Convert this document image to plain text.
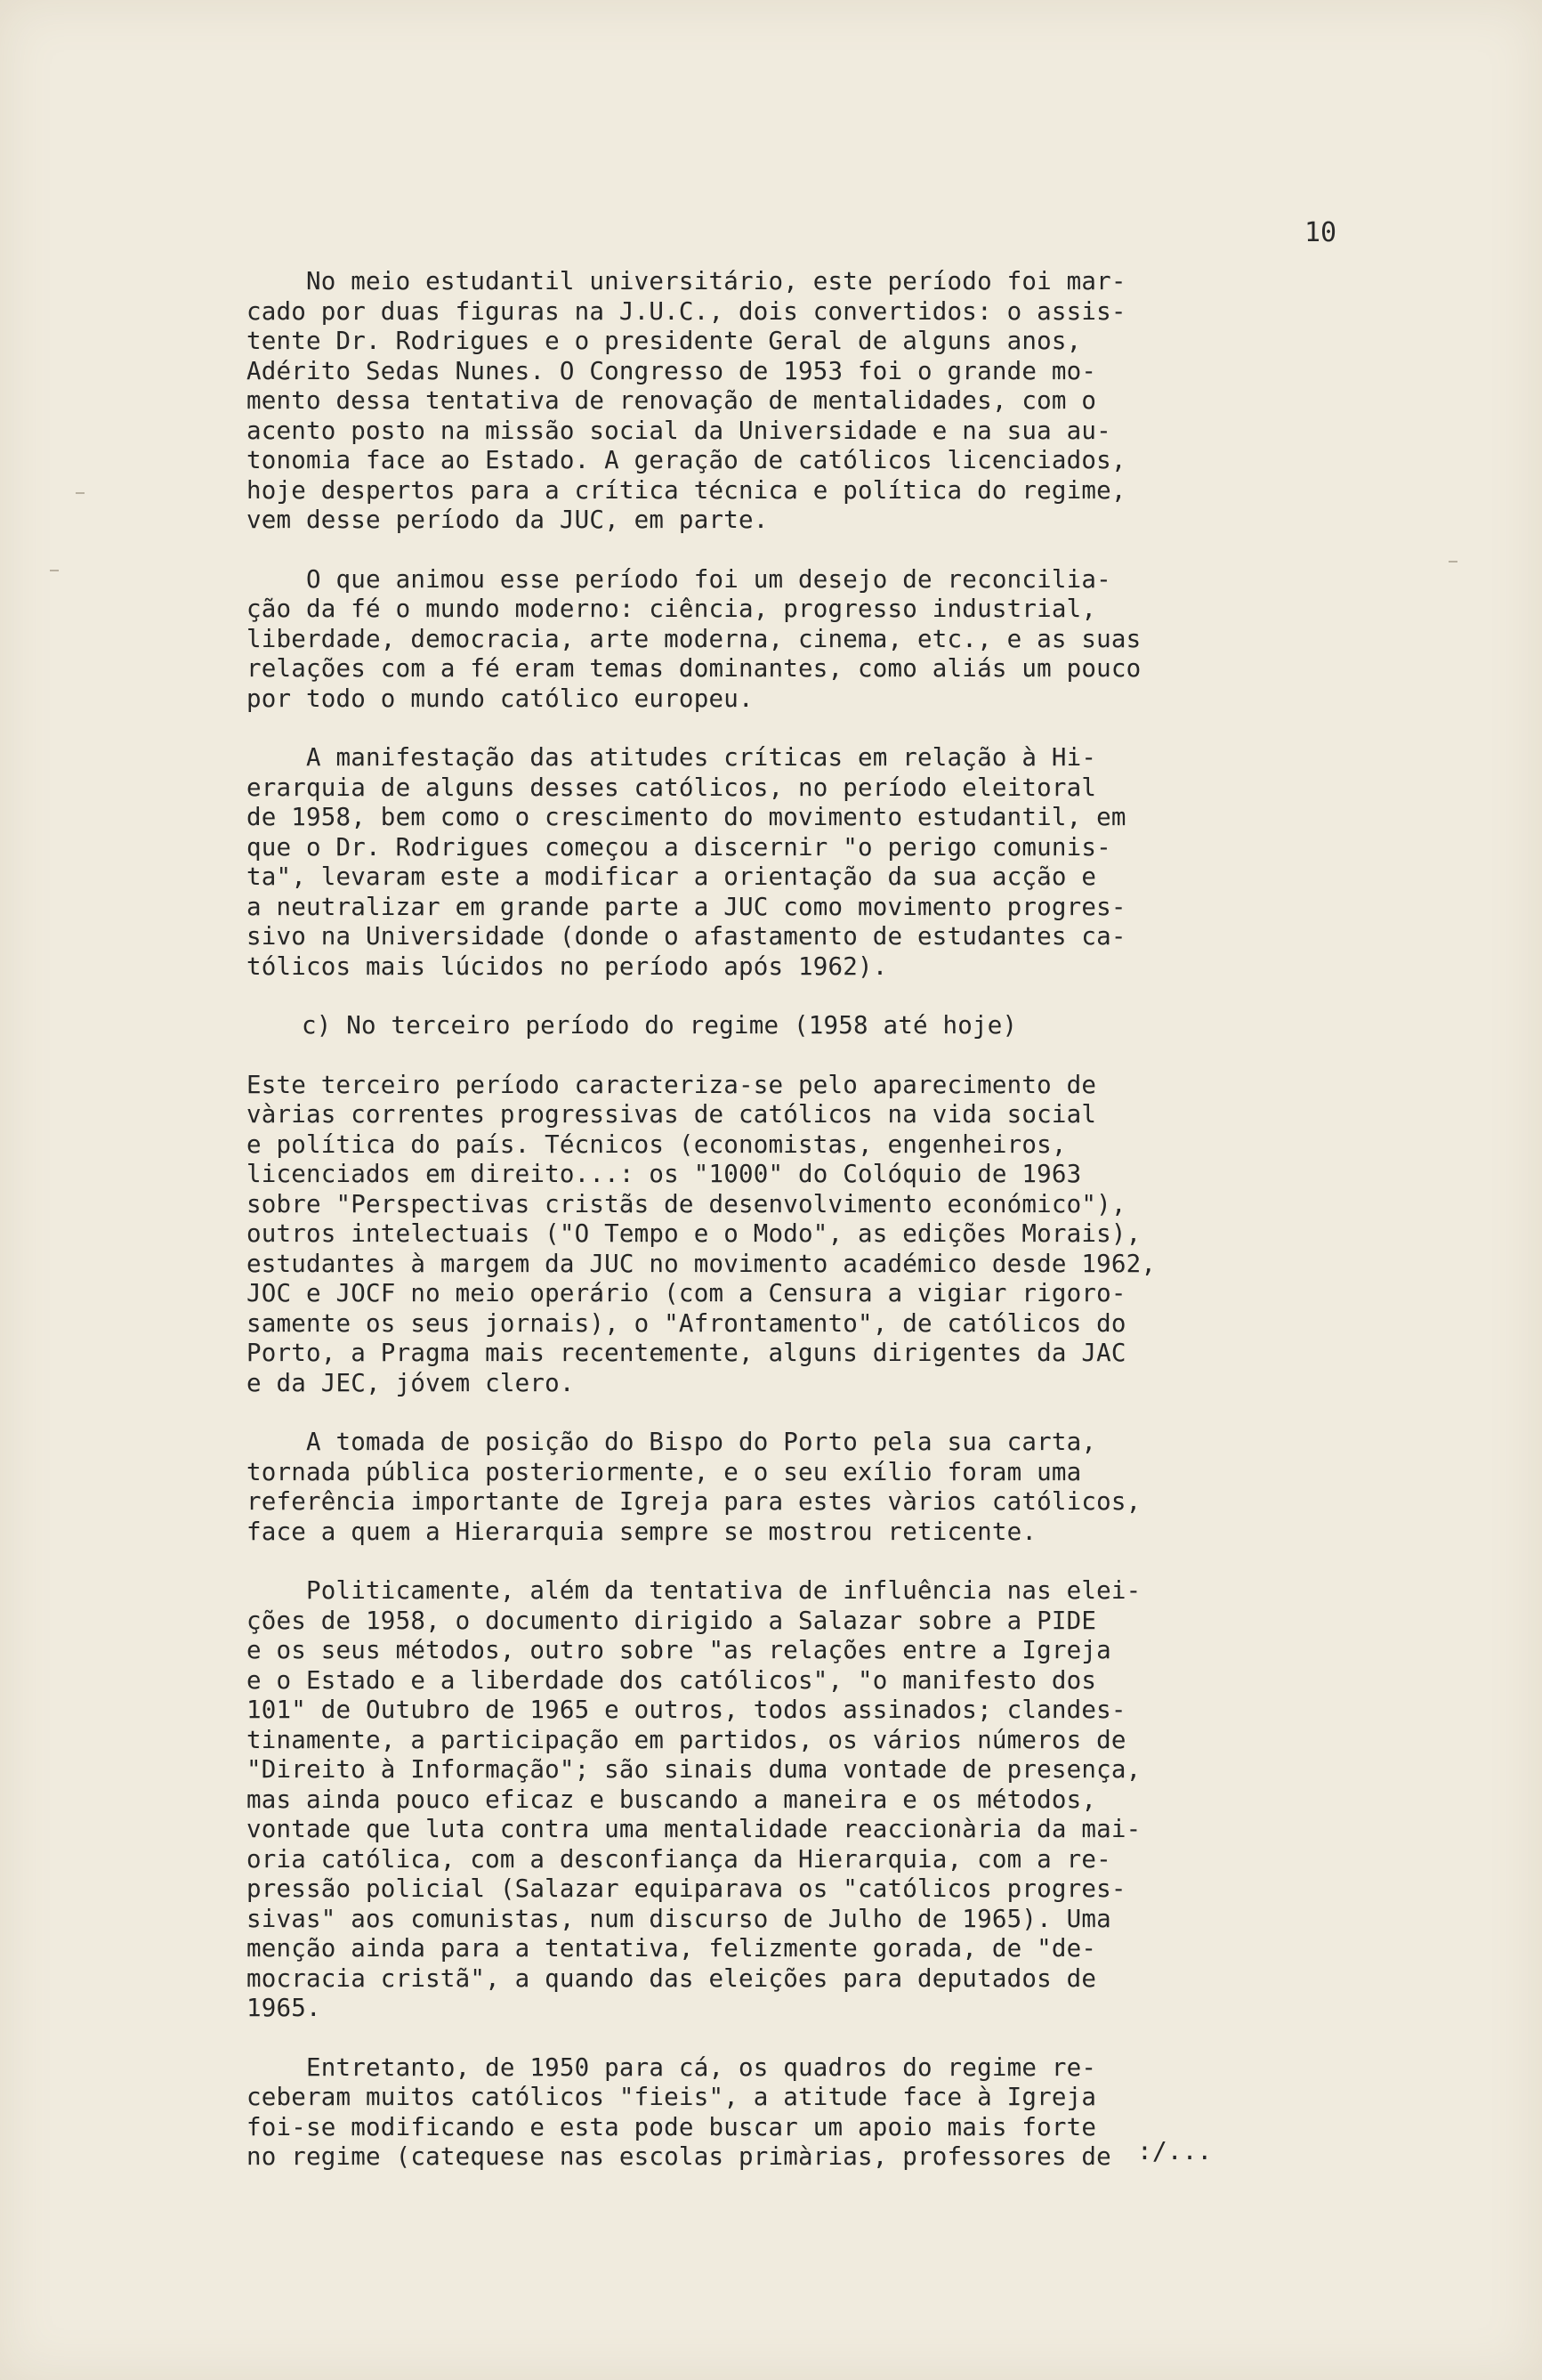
10
No meio estudantil universitário, este período foi mar-
cado por duas figuras na J.U.C., dois convertidos: o assis-
tente Dr. Rodrigues e o presidente Geral de alguns anos,
Adérito Sedas Nunes. O Congresso de 1953 foi o grande mo-
mento dessa tentativa de renovação de mentalidades, com o
acento posto na missão social da Universidade e na sua au-
tonomia face ao Estado. A geração de católicos licenciados,
hoje despertos para a crítica técnica e política do regime,
vem desse período da JUC, em parte.
O que animou esse período foi um desejo de reconcilia-
ção da fé o mundo moderno: ciência, progresso industrial,
liberdade, democracia, arte moderna, cinema, etc., e as suas
relações com a fé eram temas dominantes, como aliás um pouco
por todo o mundo católico europeu.
A manifestação das atitudes críticas em relação à Hi-
erarquia de alguns desses católicos, no período eleitoral
de 1958, bem como o crescimento do movimento estudantil, em
que o Dr. Rodrigues começou a discernir "o perigo comunis-
ta", levaram este a modificar a orientação da sua acção e
a neutralizar em grande parte a JUC como movimento progres-
sivo na Universidade (donde o afastamento de estudantes ca-
tólicos mais lúcidos no período após 1962).
c) No terceiro período do regime (1958 até hoje)
Este terceiro período caracteriza-se pelo aparecimento de
vàrias correntes progressivas de católicos na vida social
e política do país. Técnicos (economistas, engenheiros,
licenciados em direito...: os "1000" do Colóquio de 1963
sobre "Perspectivas cristãs de desenvolvimento económico"),
outros intelectuais ("O Tempo e o Modo", as edições Morais),
estudantes à margem da JUC no movimento académico desde 1962,
JOC e JOCF no meio operário (com a Censura a vigiar rigoro-
samente os seus jornais), o "Afrontamento", de católicos do
Porto, a Pragma mais recentemente, alguns dirigentes da JAC
e da JEC, jóvem clero.
A tomada de posição do Bispo do Porto pela sua carta,
tornada pública posteriormente, e o seu exílio foram uma
referência importante de Igreja para estes vàrios católicos,
face a quem a Hierarquia sempre se mostrou reticente.
Politicamente, além da tentativa de influência nas elei-
ções de 1958, o documento dirigido a Salazar sobre a PIDE
e os seus métodos, outro sobre "as relações entre a Igreja
e o Estado e a liberdade dos católicos", "o manifesto dos
101" de Outubro de 1965 e outros, todos assinados; clandes-
tinamente, a participação em partidos, os vários números de
"Direito à Informação"; são sinais duma vontade de presença,
mas ainda pouco eficaz e buscando a maneira e os métodos,
vontade que luta contra uma mentalidade reaccionària da mai-
oria católica, com a desconfiança da Hierarquia, com a re-
pressão policial (Salazar equiparava os "católicos progres-
sivas" aos comunistas, num discurso de Julho de 1965). Uma
menção ainda para a tentativa, felizmente gorada, de "de-
mocracia cristã", a quando das eleições para deputados de
1965.
Entretanto, de 1950 para cá, os quadros do regime re-
ceberam muitos católicos "fieis", a atitude face à Igreja
foi-se modificando e esta pode buscar um apoio mais forte
no regime (catequese nas escolas primàrias, professores de	:/...
